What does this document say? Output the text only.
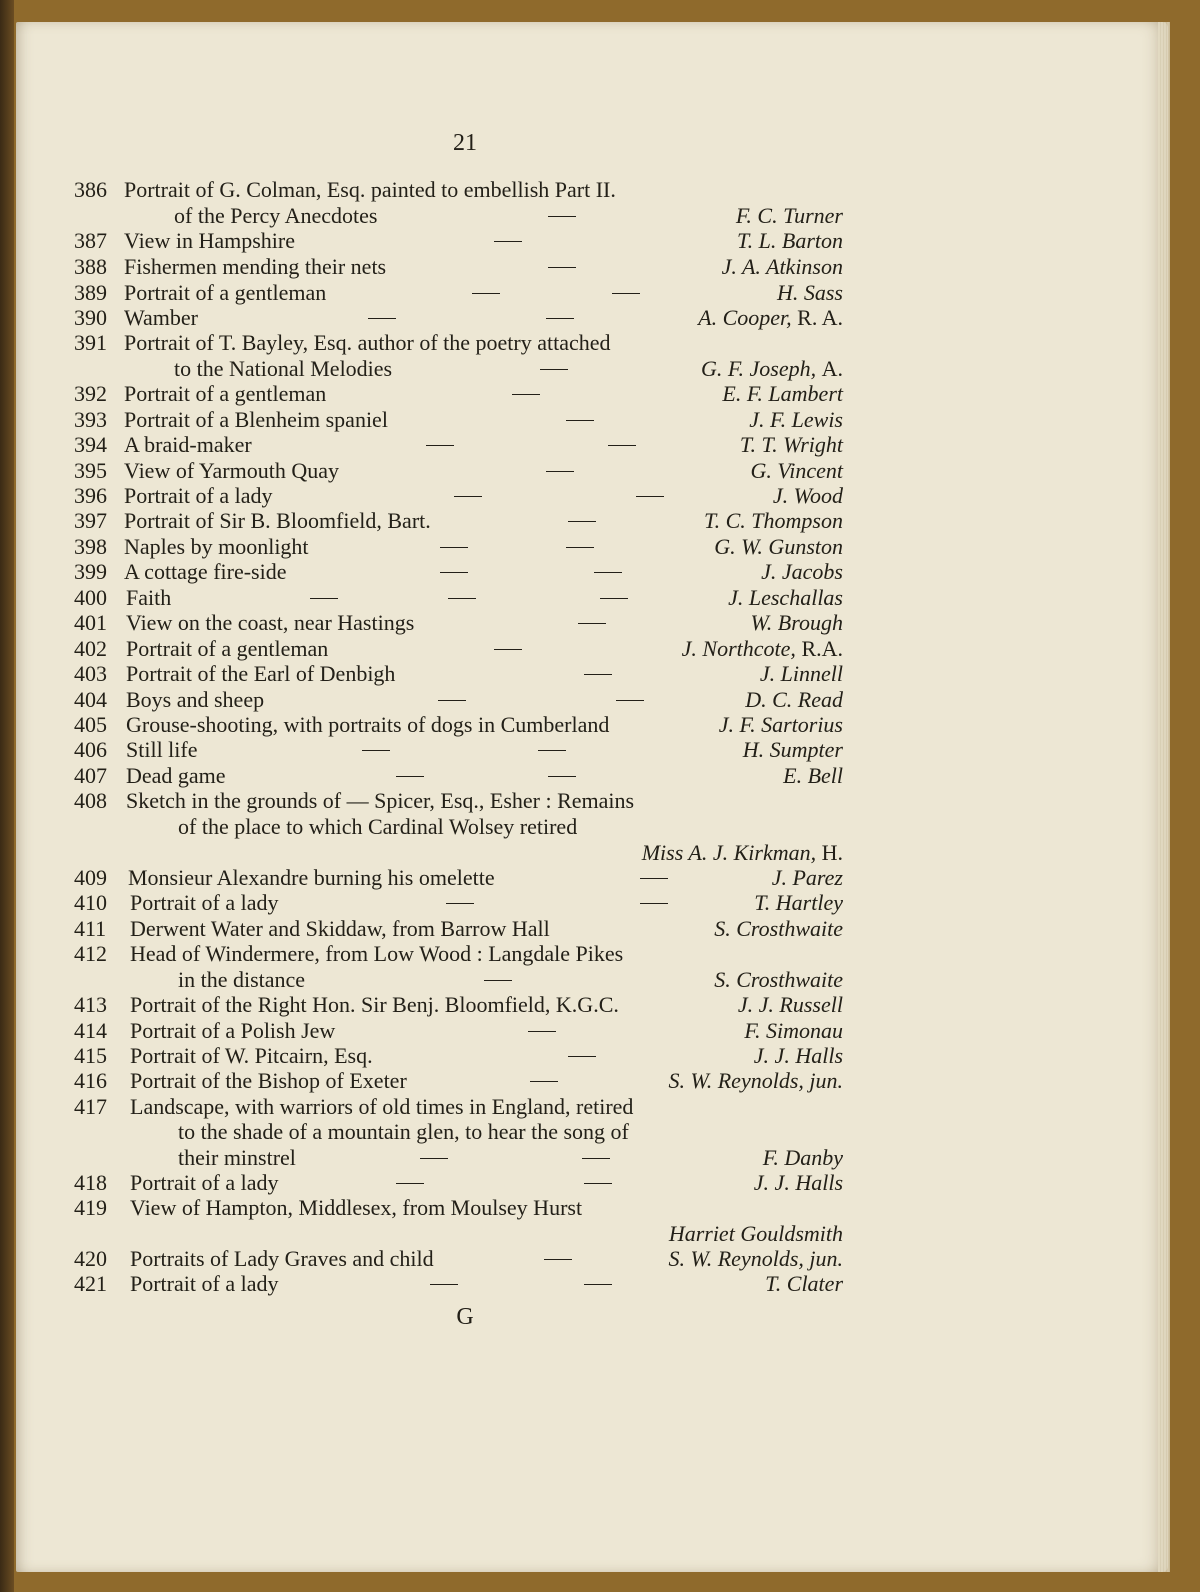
21
386 Portrait of G. Colman, Esq. painted to embellish Part II.
of the Percy Anecdotes	F. C. Turner
387 View in Hampshire	T. L. Barton
388 Fishermen mending their nets	J. A. Atkinson
389 Portrait of a gentleman	H. Sass
390 Wamber	A. Cooper, R. A.
391 Portrait of T. Bayley, Esq. author of the poetry attached
to the National Melodies	G. F. Joseph, A.
392 Portrait of a gentleman	E. F. Lambert
393 Portrait of a Blenheim spaniel	J. F. Lewis
394 A braid-maker	T. T. Wright
395 View of Yarmouth Quay	G. Vincent
396 Portrait of a lady	J. Wood
397 Portrait of Sir B. Bloomfield, Bart.	T. C. Thompson
398 Naples by moonlight	G. W. Gunston
399 A cottage fire-side	J. Jacobs
400 Faith	J. Leschallas
401 View on the coast, near Hastings	W. Brough
402 Portrait of a gentleman	J. Northcote, R.A.
403 Portrait of the Earl of Denbigh	J. Linnell
404 Boys and sheep	D. C. Read
405 Grouse-shooting, with portraits of dogs in Cumberland	J. F. Sartorius
406 Still life	H. Sumpter
407 Dead game	E. Bell
408 Sketch in the grounds of — Spicer, Esq., Esher : Remains
of the place to which Cardinal Wolsey retired
Miss A. J. Kirkman, H.
409 Monsieur Alexandre burning his omelette	J. Parez
410	Portrait of a lady	T. Hartley
411	Derwent Water and Skiddaw, from Barrow Hall	S. Crosthwaite
412	Head of Windermere, from Low Wood : Langdale Pikes
in the distance	S. Crosthwaite
413	Portrait of the Right Hon. Sir Benj. Bloomfield, K.G.C.	J. J. Russell
414	Portrait of a Polish Jew	F. Simonau
415	Portrait of W. Pitcairn, Esq.	J. J. Halls
416	Portrait of the Bishop of Exeter	S. W. Reynolds, jun.
417	Landscape, with warriors of old times in England, retired
to the shade of a mountain glen, to hear the song of
their minstrel	F. Danby
418	Portrait of a lady	J. J. Halls
419	View of Hampton, Middlesex, from Moulsey Hurst
Harriet Gouldsmith
420	Portraits of Lady Graves and child	S. W. Reynolds, jun.
421	Portrait of a lady	T. Clater
G
